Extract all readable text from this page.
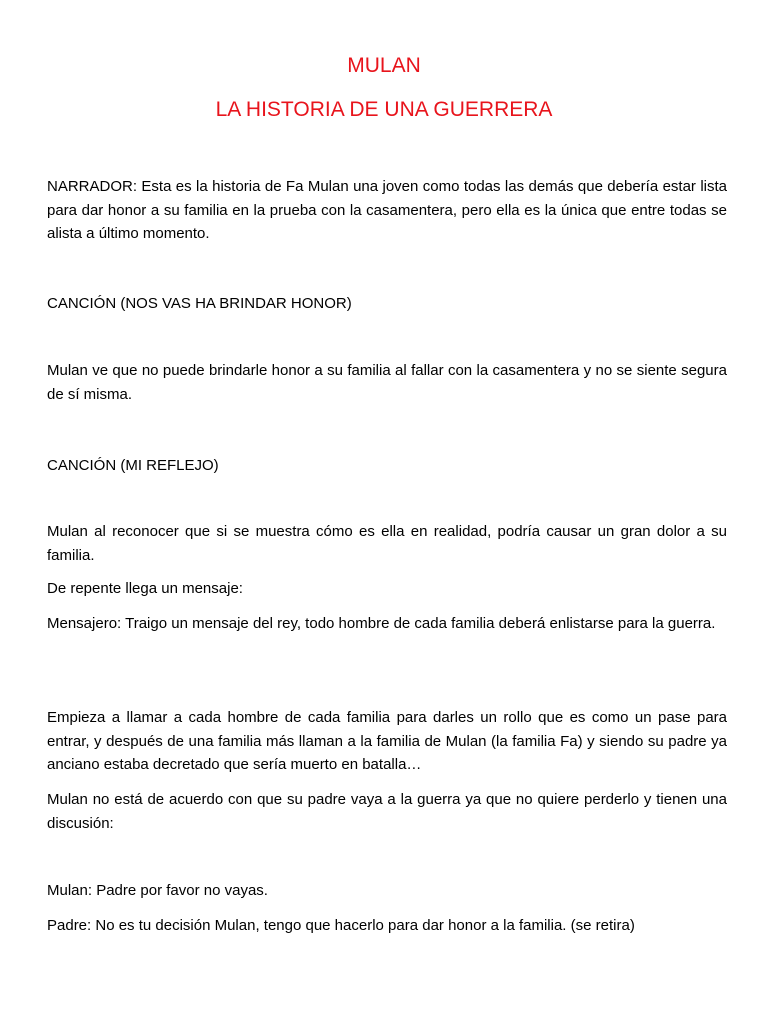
MULAN
LA HISTORIA DE UNA GUERRERA

NARRADOR: Esta es la historia de Fa Mulan una joven como todas las demás que debería estar lista para dar honor a su familia en la prueba con la casamentera, pero ella es la única que entre todas se alista a último momento.

CANCIÓN (NOS VAS HA BRINDAR HONOR)

Mulan ve que no puede brindarle honor a su familia al fallar con la casamentera y no se siente segura de sí misma.

CANCIÓN (MI REFLEJO)

Mulan al reconocer que si se muestra cómo es ella en realidad, podría causar un gran dolor a su familia.

De repente llega un mensaje:

Mensajero: Traigo un mensaje del rey, todo hombre de cada familia deberá enlistarse para la guerra.

Empieza a llamar a cada hombre de cada familia para darles un rollo que es como un pase para entrar, y después de una familia más llaman a la familia de Mulan (la familia Fa) y siendo su padre ya anciano estaba decretado que sería muerto en batalla…

Mulan no está de acuerdo con que su padre vaya a la guerra ya que no quiere perderlo y tienen una discusión:

Mulan: Padre por favor no vayas.

Padre: No es tu decisión Mulan, tengo que hacerlo para dar honor a la familia. (se retira)
